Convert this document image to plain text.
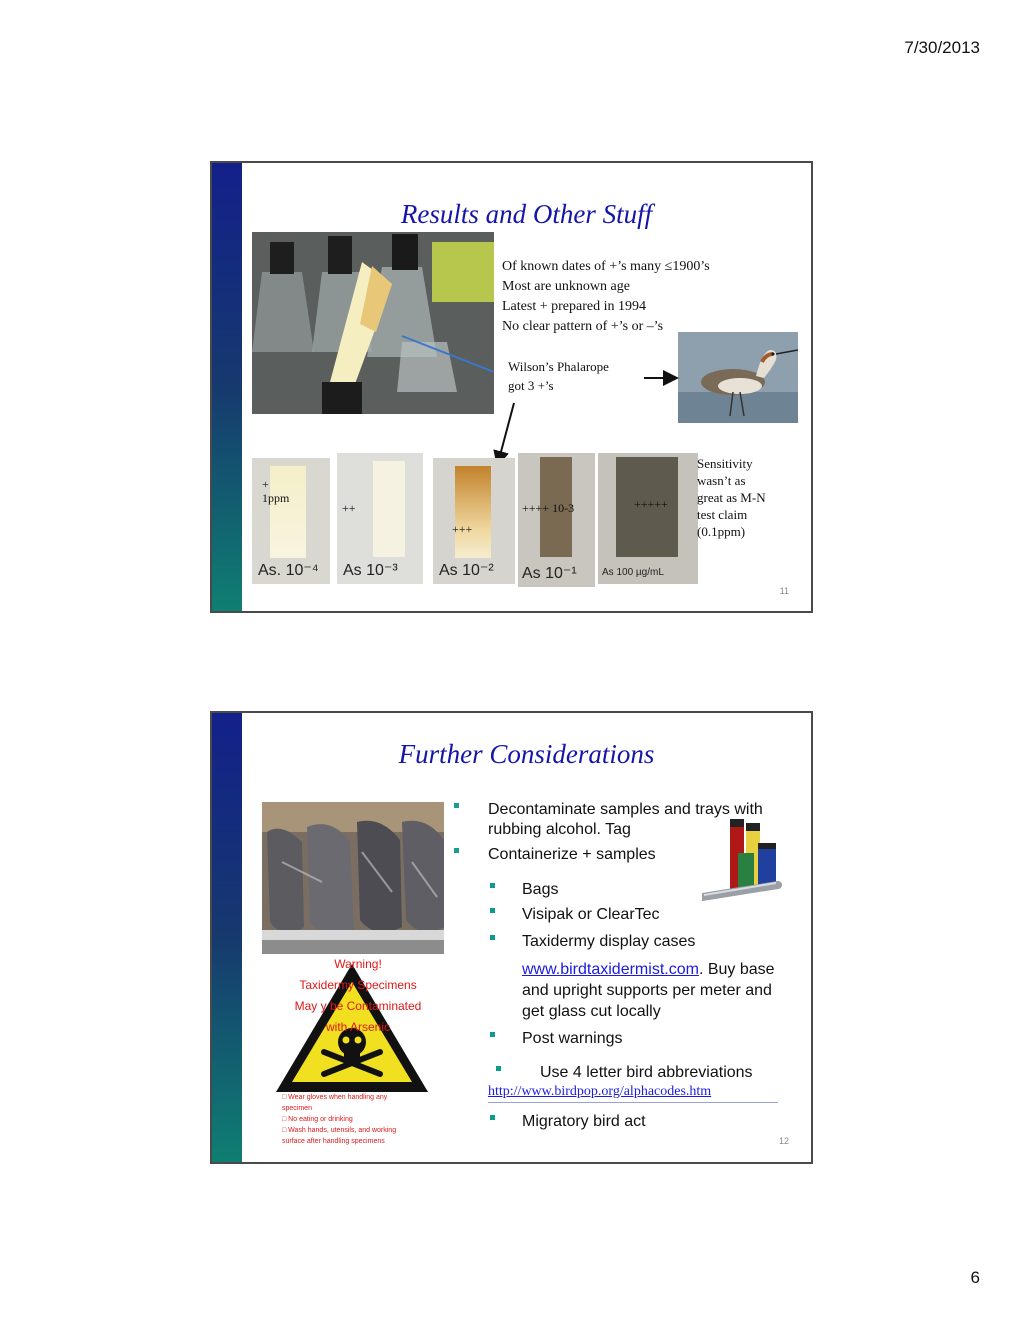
7/30/2013
Results and Other Stuff
Of known dates of +’s many ≤1900’s
Most are unknown age
Latest + prepared in 1994
No clear pattern of +’s or –’s
Wilson’s Phalarope
got 3 +’s
As. 10⁻⁴ As 10⁻³	As 10⁻² As 10⁻¹	As 100 µg/mL
+
1ppm
++
+++
++++ 10-3	+++++
Sensitivity
wasn’t as
great as M-N
test claim
(0.1ppm)
11
Further Considerations
Warning!
Taxidermy Specimens
May y be Contaminated
with Arsenic
□ Wear gloves when handling any
specimen
□ No eating or drinking
□ Wash hands, utensils, and working
surface after handling specimens
Decontaminate samples and trays with rubbing alcohol. Tag
Containerize + samples
Bags
Visipak or ClearTec
Taxidermy display cases
www.birdtaxidermist.com. Buy base and upright supports per meter and get glass cut locally
Post warnings
Use 4 letter bird abbreviations
http://www.birdpop.org/alphacodes.htm
Migratory bird act
12
6
